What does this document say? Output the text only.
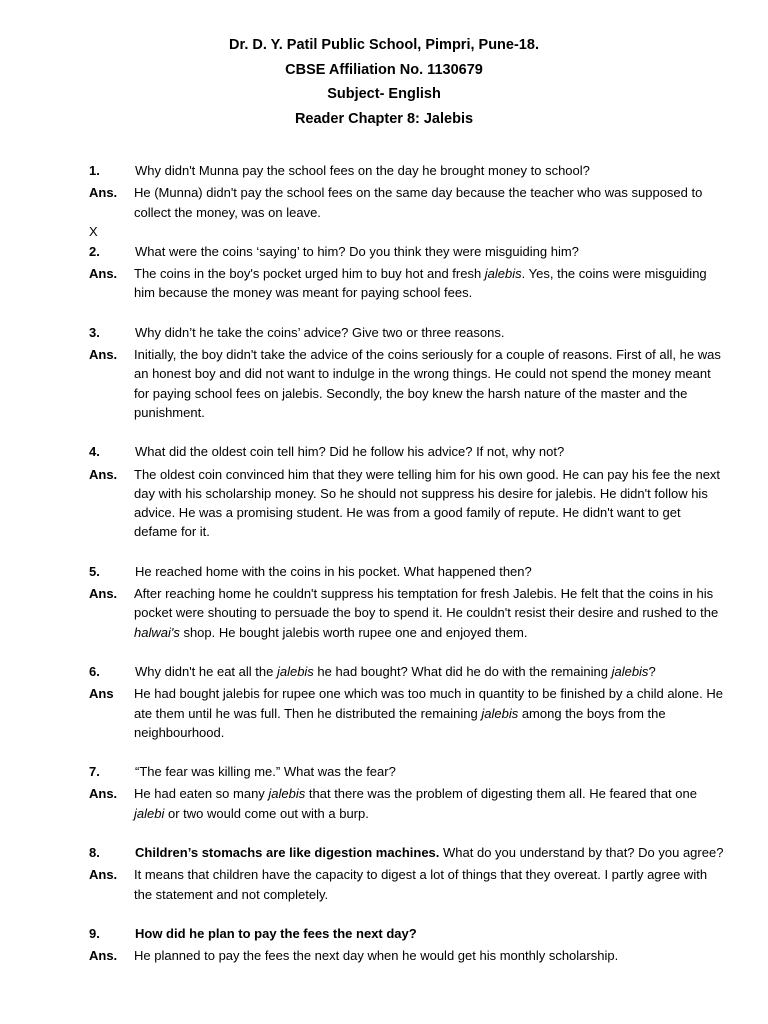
Dr. D. Y. Patil Public School, Pimpri, Pune-18.
CBSE Affiliation No. 1130679
Subject- English
Reader Chapter 8: Jalebis
1.	Why didn't Munna pay the school fees on the day he brought money to school?
Ans. He (Munna) didn't pay the school fees on the same day because the teacher who was supposed to collect the money, was on leave.
X
2.	What were the coins ‘saying’ to him? Do you think they were misguiding him?
Ans. The coins in the boy's pocket urged him to buy hot and fresh jalebis. Yes, the coins were misguiding him because the money was meant for paying school fees.
3.	Why didn’t he take the coins’ advice? Give two or three reasons.
Ans. Initially, the boy didn't take the advice of the coins seriously for a couple of reasons. First of all, he was an honest boy and did not want to indulge in the wrong things. He could not spend the money meant for paying school fees on jalebis. Secondly, the boy knew the harsh nature of the master and the punishment.
4.	What did the oldest coin tell him? Did he follow his advice? If not, why not?
Ans. The oldest coin convinced him that they were telling him for his own good. He can pay his fee the next day with his scholarship money. So he should not suppress his desire for jalebis. He didn't follow his advice. He was a promising student. He was from a good family of repute. He didn't want to get defame for it.
5.	He reached home with the coins in his pocket. What happened then?
Ans. After reaching home he couldn't suppress his temptation for fresh Jalebis. He felt that the coins in his pocket were shouting to persuade the boy to spend it. He couldn't resist their desire and rushed to the halwai's shop. He bought jalebis worth rupee one and enjoyed them.
6.	Why didn't he eat all the jalebis he had bought? What did he do with the remaining jalebis?
Ans He had bought jalebis for rupee one which was too much in quantity to be finished by a child alone. He ate them until he was full. Then he distributed the remaining jalebis among the boys from the neighbourhood.
7.	“The fear was killing me.” What was the fear?
Ans. He had eaten so many jalebis that there was the problem of digesting them all. He feared that one jalebi or two would come out with a burp.
8.	Children’s stomachs are like digestion machines. What do you understand by that? Do you agree?
Ans. It means that children have the capacity to digest a lot of things that they overeat. I partly agree with the statement and not completely.
9.	How did he plan to pay the fees the next day?
Ans. He planned to pay the fees the next day when he would get his monthly scholarship.
